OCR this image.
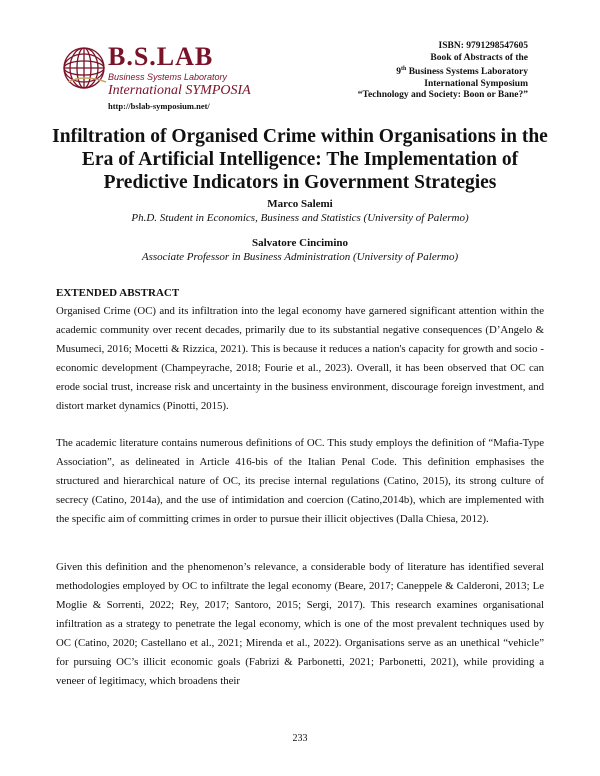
B.S.LAB
Business Systems Laboratory
International SYMPOSIA
http://bslab-symposium.net/
ISBN: 9791298547605
Book of Abstracts of the
9th Business Systems Laboratory
International Symposium
“Technology and Society: Boon or Bane?”
Infiltration of Organised Crime within Organisations in the Era of Artificial Intelligence: The Implementation of Predictive Indicators in Government Strategies
Marco Salemi
Ph.D. Student in Economics, Business and Statistics (University of Palermo)
Salvatore Cincimino
Associate Professor in Business Administration (University of Palermo)
EXTENDED ABSTRACT
Organised Crime (OC) and its infiltration into the legal economy have garnered significant attention within the academic community over recent decades, primarily due to its substantial negative consequences (D’Angelo & Musumeci, 2016; Mocetti & Rizzica, 2021). This is because it reduces a nation's capacity for growth and socio - economic development (Champeyrache, 2018; Fourie et al., 2023). Overall, it has been observed that OC can erode social trust, increase risk and uncertainty in the business environment, discourage foreign investment, and distort market dynamics (Pinotti, 2015).
The academic literature contains numerous definitions of OC. This study employs the definition of “Mafia-Type Association”, as delineated in Article 416-bis of the Italian Penal Code. This definition emphasises the structured and hierarchical nature of OC, its precise internal regulations (Catino, 2015), its strong culture of secrecy (Catino, 2014a), and the use of intimidation and coercion (Catino,2014b), which are implemented with the specific aim of committing crimes in order to pursue their illicit objectives (Dalla Chiesa, 2012).
Given this definition and the phenomenon’s relevance, a considerable body of literature has identified several methodologies employed by OC to infiltrate the legal economy (Beare, 2017; Caneppele & Calderoni, 2013; Le Moglie & Sorrenti, 2022; Rey, 2017; Santoro, 2015; Sergi, 2017). This research examines organisational infiltration as a strategy to penetrate the legal economy, which is one of the most prevalent techniques used by OC (Catino, 2020; Castellano et al., 2021; Mirenda et al., 2022). Organisations serve as an unethical “vehicle” for pursuing OC’s illicit economic goals (Fabrizi & Parbonetti, 2021; Parbonetti, 2021), while providing a veneer of legitimacy, which broadens their
233
